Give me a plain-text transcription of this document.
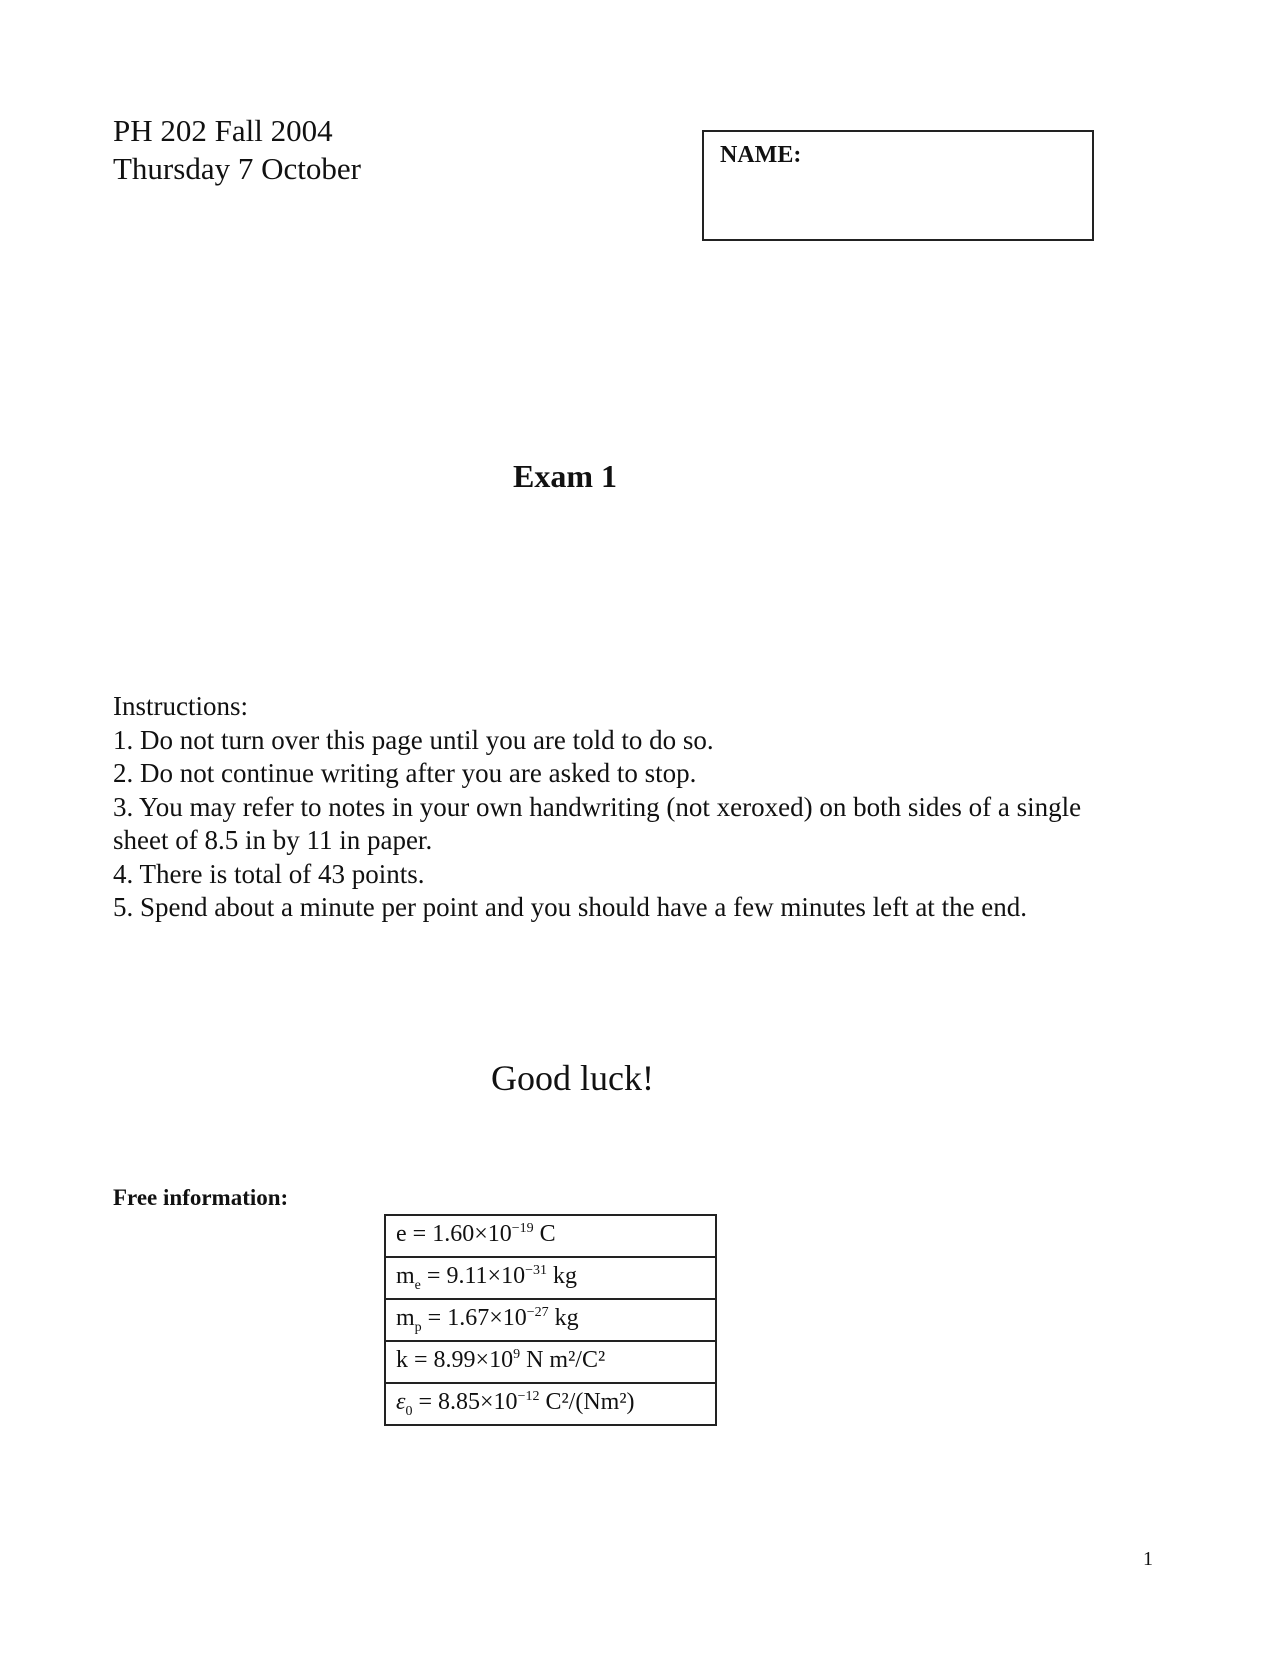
PH 202 Fall 2004
Thursday 7 October	NAME:
Exam 1
Instructions:
1. Do not turn over this page until you are told to do so.
2. Do not continue writing after you are asked to stop.
3. You may refer to notes in your own handwriting (not xeroxed) on both sides of a single sheet of 8.5 in by 11 in paper.
4. There is total of 43 points.
5. Spend about a minute per point and you should have a few minutes left at the end.
Good luck!
Free information:
$e = 1.60\times 10^{-19}$ C
$m_e = 9.11\times 10^{-31}$ kg
$m_p = 1.67\times 10^{-27}$ kg
$k = 8.99\times 10^9$ N m²/C²
$\varepsilon_0 = 8.85\times 10^{-12}$ C²/(Nm²)
1
